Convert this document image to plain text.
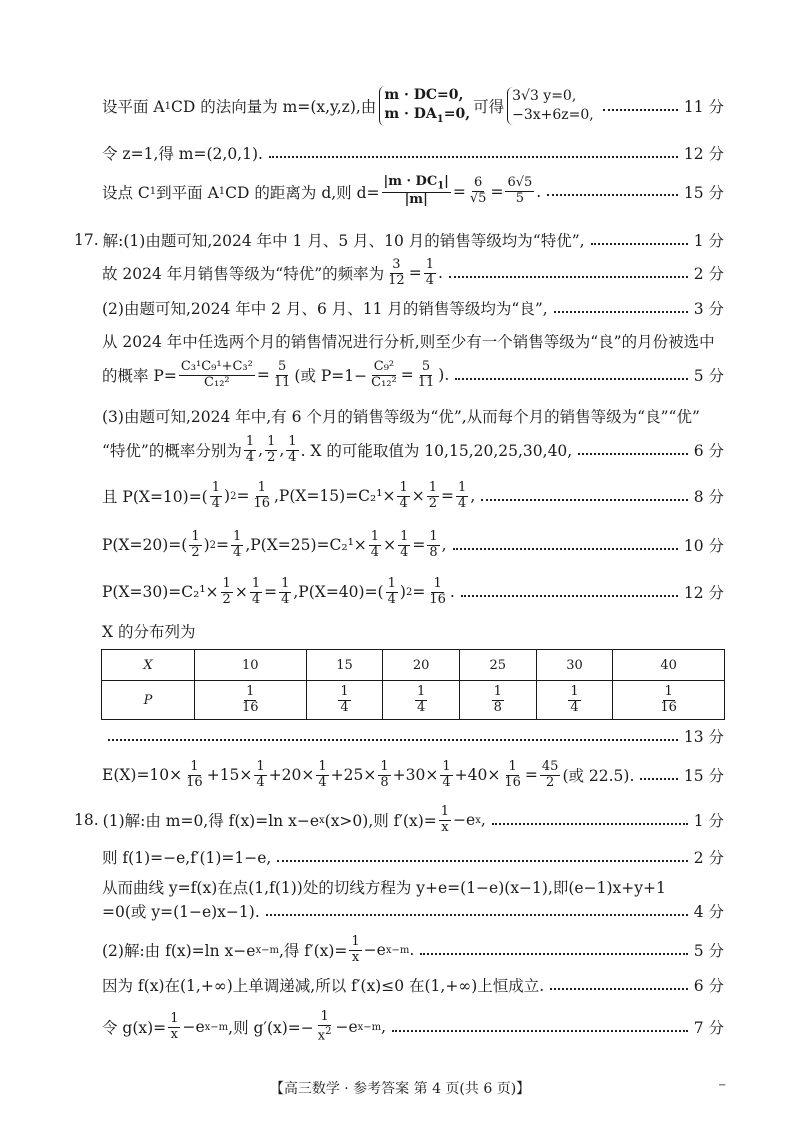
设平面 A 1 CD 的法向量为 m=(x,y,z),由
m · DC=0,
$m \cdot DA_1=0$, 可得
3√3 y=0,
−3x+6z=0,	11 分
令 z=1,得 m=(2,0,1).	12 分
设点 C 1 到平面 A 1 CD 的距离为 d,则 $d= \frac{|m \cdot DC_1|}{|m|} = \frac{6}{√5} = \frac{6√5}{5}$ .	15 分
17. 解:(1)由题可知,2024 年中 1 月、5 月、10 月的销售等级均为“特优”,	1 分
故 2024 年月销售等级为“特优”的频率为 $\frac{3}{12} = \frac{1}{4}$ .	2 分
(2)由题可知,2024 年中 2 月、6 月、11 月的销售等级均为“良”,	3 分
从 2024 年中任选两个月的销售情况进行分析,则至少有一个销售等级为“良”的月份被选中
的概率 $P= \frac{\text{C₃¹C₉¹+C₃²}}{\text{C₁₂²}} = \frac{5}{11}$ (或 $P=1- \frac{\text{C₉²}}{\text{C₁₂²}} = \frac{5}{11}$ ).	5 分
(3)由题可知,2024 年中,有 6 个月的销售等级为“优”,从而每个月的销售等级为“良”“优”
“特优”的概率分别为 $\frac{1}{4}$ , $\frac{1}{2}$ , $\frac{1}{4}$ . X 的可能取值为 10,15,20,25,30,40,	6 分
且 $P(X=10)=( \frac{1}{4}$ ) $2 = \frac{1}{16} ,P(X=15)=C_2^1\times \frac{1}{4} \times \frac{1}{2} = \frac{1}{4}$ ,	8 分
$P(X=20)=( \frac{1}{2}$ ) $2 = \frac{1}{4} ,P(X=25)=C_2^1\times \frac{1}{4} \times \frac{1}{4} = \frac{1}{8}$ ,	10 分
$P(X=30)=C_2^1\times \frac{1}{2} \times \frac{1}{4} = \frac{1}{4} ,P(X=40)=( \frac{1}{4}$ ) $2 = \frac{1}{16}$ .	12 分
X 的分布列为
X	10	15	20	25	30	40
P	$\frac{1}{16}$	$\frac{1}{4}$	$\frac{1}{4}$	$\frac{1}{8}$	$\frac{1}{4}$	$\frac{1}{16}$
13 分
$E(X)=10\times \frac{1}{16} +15\times \frac{1}{4} +20\times \frac{1}{4} +25\times \frac{1}{8} +30\times \frac{1}{4} +40\times \frac{1}{16} = \frac{45}{2}$ (或 22.5).	15 分
18. (1)解:由 m=0,得 f(x)=ln x−e x (x>0),则 $f'(x)= \frac{1}{x} -e$ x ,	1 分
则 f(1)=−e,f′(1)=1−e,	2 分
从而曲线 y=f(x)在点(1,f(1))处的切线方程为 y+e=(1−e)(x−1),即(e−1)x+y+1
=0(或 y=(1−e)x−1).	4 分
(2)解:由 f(x)=ln x−e x−m ,得 $f'(x)= \frac{1}{x} -e$ x−m .	5 分
因为 f(x)在(1,+∞)上单调递减,所以 f′(x)≤0 在(1,+∞)上恒成立.	6 分
令 $g(x)= \frac{1}{x} -e$ x−m ,则 $g'(x)=- \frac{1}{x^2} -e$ x−m ,	7 分
【高三数学 · 参考答案 第 4 页(共 6 页)】	−
